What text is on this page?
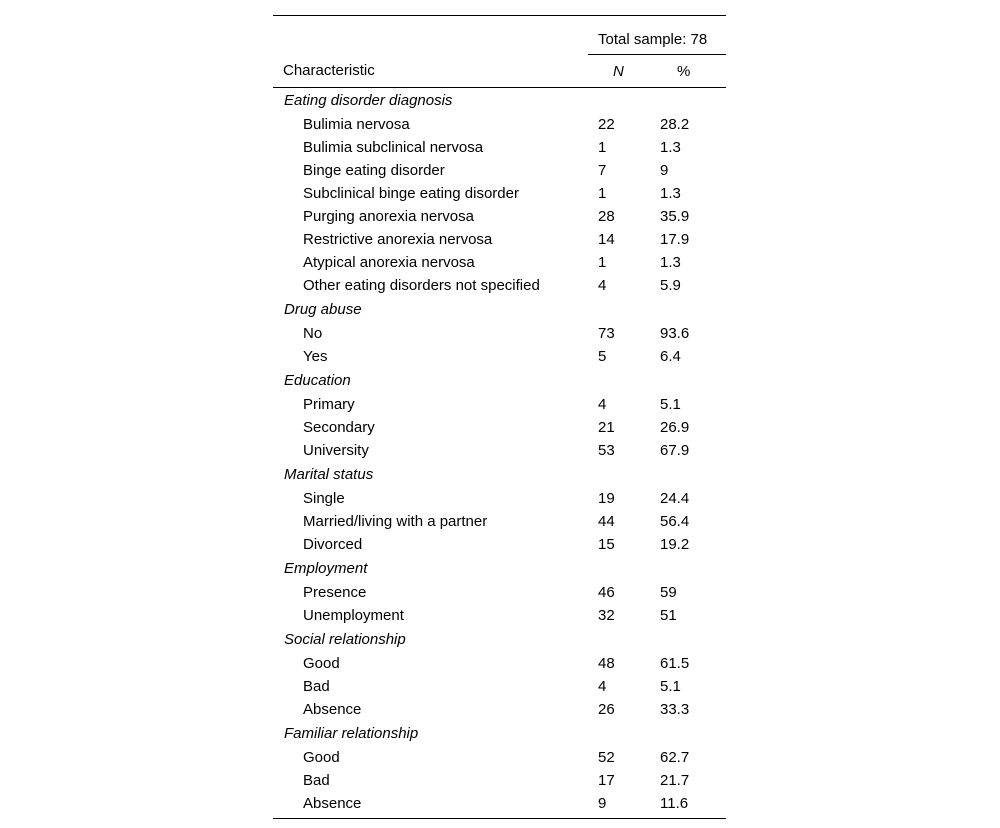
	Total sample: 78	
Characteristic	N	%
Eating disorder diagnosis		
Bulimia nervosa	22	28.2
Bulimia subclinical nervosa	1	1.3
Binge eating disorder	7	9
Subclinical binge eating disorder	1	1.3
Purging anorexia nervosa	28	35.9
Restrictive anorexia nervosa	14	17.9
Atypical anorexia nervosa	1	1.3
Other eating disorders not specified	4	5.9
Drug abuse		
No	73	93.6
Yes	5	6.4
Education		
Primary	4	5.1
Secondary	21	26.9
University	53	67.9
Marital status		
Single	19	24.4
Married/living with a partner	44	56.4
Divorced	15	19.2
Employment		
Presence	46	59
Unemployment	32	51
Social relationship		
Good	48	61.5
Bad	4	5.1
Absence	26	33.3
Familiar relationship		
Good	52	62.7
Bad	17	21.7
Absence	9	11.6
